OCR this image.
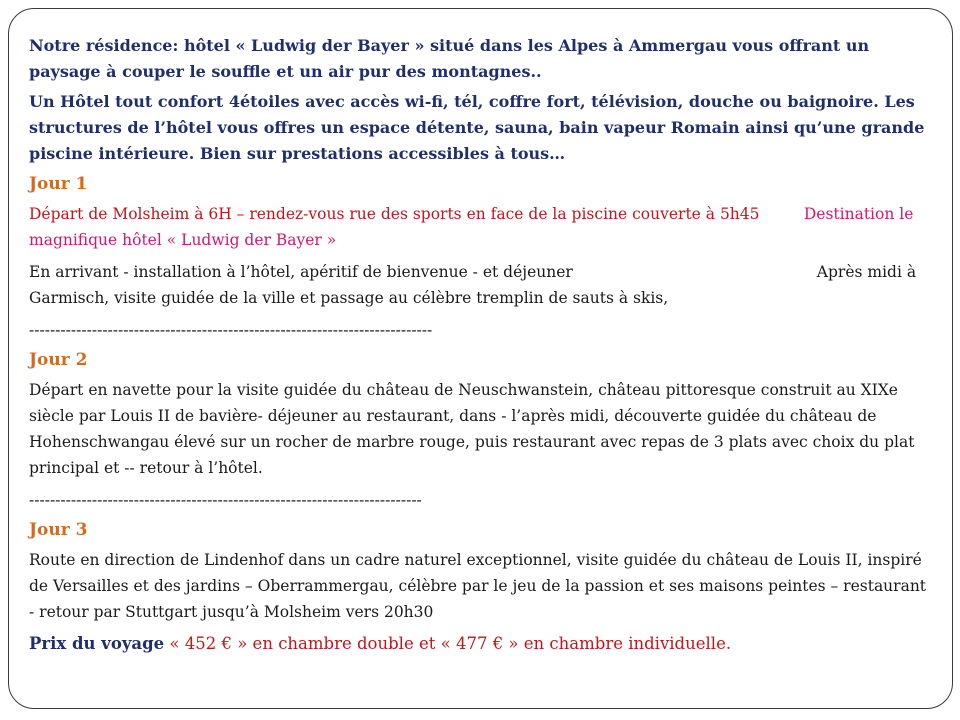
Notre résidence: hôtel « Ludwig der Bayer » situé dans les Alpes à Ammergau vous offrant un paysage à couper le souffle et un air pur des montagnes..

Un Hôtel tout confort 4étoiles avec accès wi-fi, tél, coffre fort, télévision, douche ou baignoire. Les structures de l’hôtel vous offres un espace détente, sauna, bain vapeur Romain ainsi qu’une grande piscine intérieure. Bien sur prestations accessibles à tous…

Jour 1

Départ de Molsheim à 6H – rendez-vous rue des sports en face de la piscine couverte à 5h45	Destination le magnifique hôtel « Ludwig der Bayer »

En arrivant - installation à l’hôtel, apéritif de bienvenue - et déjeuner	Après midi à Garmisch, visite guidée de la ville et passage au célèbre tremplin de sauts à skis,

-----------------------------------------------------------------------------
Jour 2

Départ en navette pour la visite guidée du château de Neuschwanstein, château pittoresque construit au XIXe siècle par Louis II de bavière- déjeuner au restaurant, dans - l’après midi, découverte guidée du château de Hohenschwangau élevé sur un rocher de marbre rouge, puis restaurant avec repas de 3 plats avec choix du plat principal et -- retour à l’hôtel.

---------------------------------------------------------------------------
Jour 3

Route en direction de Lindenhof dans un cadre naturel exceptionnel, visite guidée du château de Louis II, inspiré de Versailles et des jardins – Oberrammergau, célèbre par le jeu de la passion et ses maisons peintes – restaurant - retour par Stuttgart jusqu’à Molsheim vers 20h30

Prix du voyage « 452 € » en chambre double et « 477 € » en chambre individuelle.
